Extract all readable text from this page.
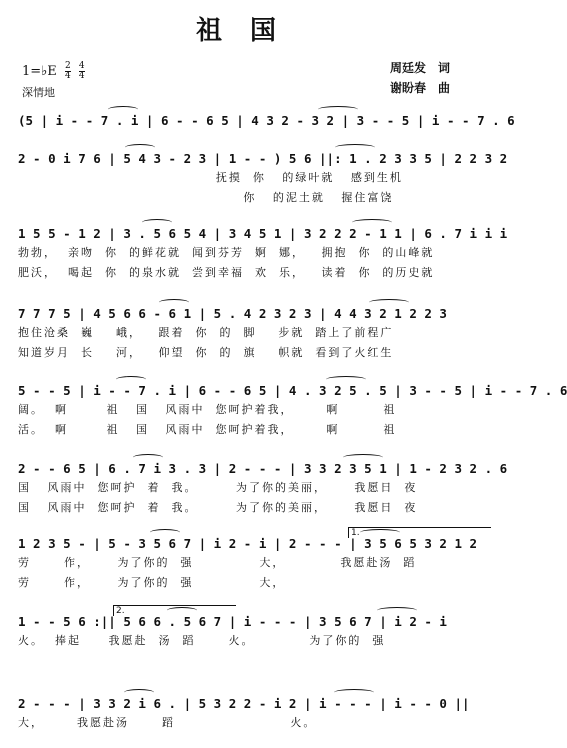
祖国
1=♭E $\frac{2}{4}$
$\frac{4}{4}$
深情地
周廷发　词
谢盼春　曲
(5 | i - - 7 . i | 6 - - 6 5 | 4 3 2 - 3 2 | 3 - - 5 | i - - 7 . 6
2 - 0 i 7 6 | 5 4 3 - 2 3 | 1 - - ) 5 6 ||: 1 . 2 3 3 5 | 2 2 3 2
抚摸  你   的绿叶就   感到生机
你   的泥土就   握住富饶
1 5 5 - 1 2 | 3 . 5 6 5 4 | 3 4 5 1 | 3 2 2 2 - 1 1 | 6 . 7 i i i
勃勃，  亲吻  你  的鲜花就  闻到芬芳  婀  娜，   拥抱  你  的山峰就
肥沃，  喝起  你  的泉水就  尝到幸福  欢  乐，   读着  你  的历史就
7 7 7 5 | 4 5 6 6 - 6 1 | 5 . 4 2 3 2 3 | 4 4 3 2 1 2 2 3
抱住沧桑  巍    峨，   跟着  你  的  脚    步就  踏上了前程广
知道岁月  长    河，   仰望  你  的  旗    帜就  看到了火红生
5 - - 5 | i - - 7 . i | 6 - - 6 5 | 4 . 3 2 5 . 5 | 3 - - 5 | i - - 7 . 6
阔。  啊       祖   国   风雨中  您呵护着我，      啊        祖
活。  啊       祖   国   风雨中  您呵护着我，      啊        祖
2 - - 6 5 | 6 . 7 i 3 . 3 | 2 - - - | 3 3 2 3 5 1 | 1 - 2 3 2 . 6
国   风雨中  您呵护  着  我。       为了你的美丽，     我愿日  夜
国   风雨中  您呵护  着  我。       为了你的美丽，     我愿日  夜
1 2 3 5 - | 5 - 3 5 6 7 | i 2 - i | 2 - - - | 3 5 6 5 3 2 1 2
1.
劳      作，     为了你的  强            大，          我愿赴汤  蹈
劳      作，     为了你的  强            大，
1 - - 5 6 :|| 5 6 6 . 5 6 7 | i - - - | 3 5 6 7 | i 2 - i
2.
火。  捧起     我愿赴  汤  蹈      火。          为了你的  强
2 - - - | 3 3 2 i 6 . | 5 3 2 2 - i 2 | i - - - | i - - 0 ||
大，      我愿赴汤      蹈                     火。
